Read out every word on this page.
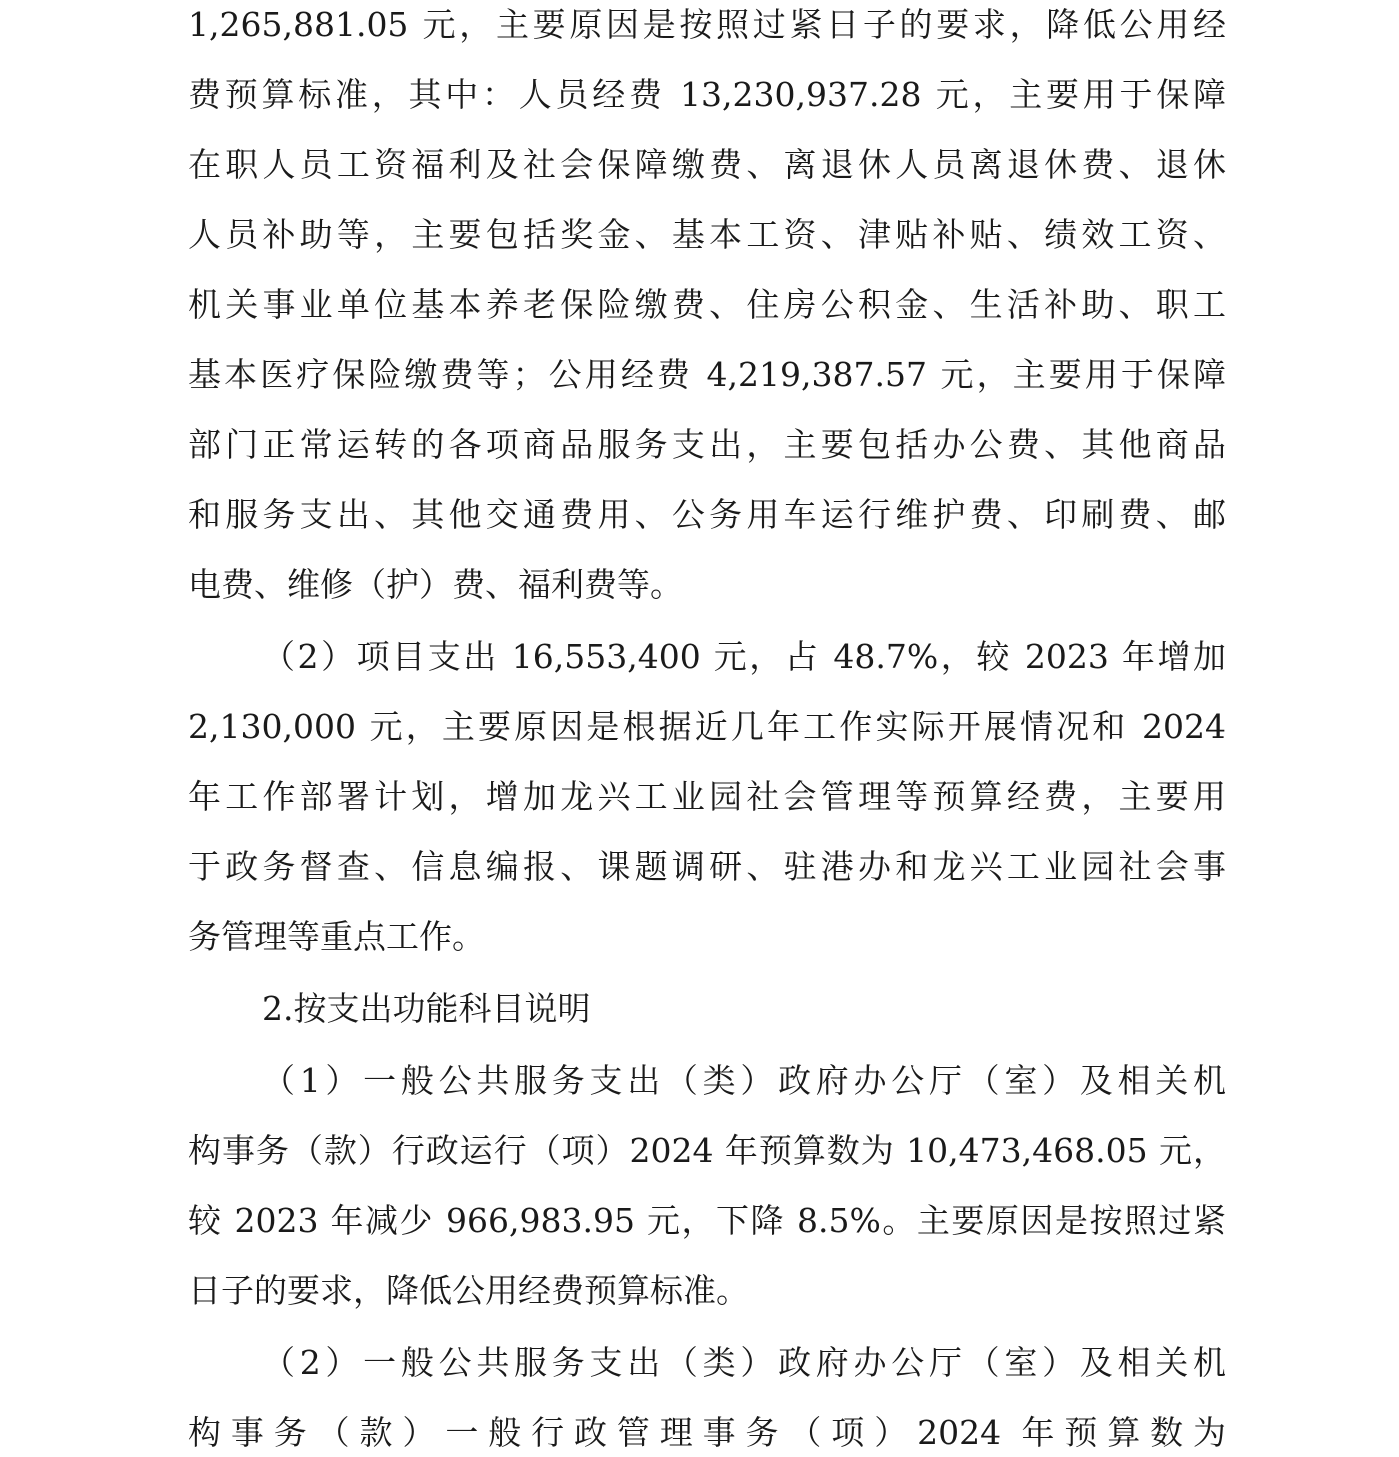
1,265,881.05 元，主要原因是按照过紧日子的要求，降低公用经
费预算标准，其中：人员经费 13,230,937.28 元，主要用于保障
在职人员工资福利及社会保障缴费、离退休人员离退休费、退休
人员补助等，主要包括奖金、基本工资、津贴补贴、绩效工资、
机关事业单位基本养老保险缴费、住房公积金、生活补助、职工
基本医疗保险缴费等；公用经费 4,219,387.57 元，主要用于保障
部门正常运转的各项商品服务支出，主要包括办公费、其他商品
和服务支出、其他交通费用、公务用车运行维护费、印刷费、邮
电费、维修（护）费、福利费等。
（2）项目支出 16,553,400 元，占 48.7%，较 2023 年增加
2,130,000 元，主要原因是根据近几年工作实际开展情况和 2024
年工作部署计划，增加龙兴工业园社会管理等预算经费，主要用
于政务督查、信息编报、课题调研、驻港办和龙兴工业园社会事
务管理等重点工作。
2.按支出功能科目说明
（1）一般公共服务支出（类）政府办公厅（室）及相关机
构事务（款）行政运行（项）2024 年预算数为 10,473,468.05 元，
较 2023 年减少 966,983.95 元，下降 8.5%。主要原因是按照过紧
日子的要求，降低公用经费预算标准。
（2）一般公共服务支出（类）政府办公厅（室）及相关机
构事务（款）一般行政管理事务（项）2024 年预算数为
